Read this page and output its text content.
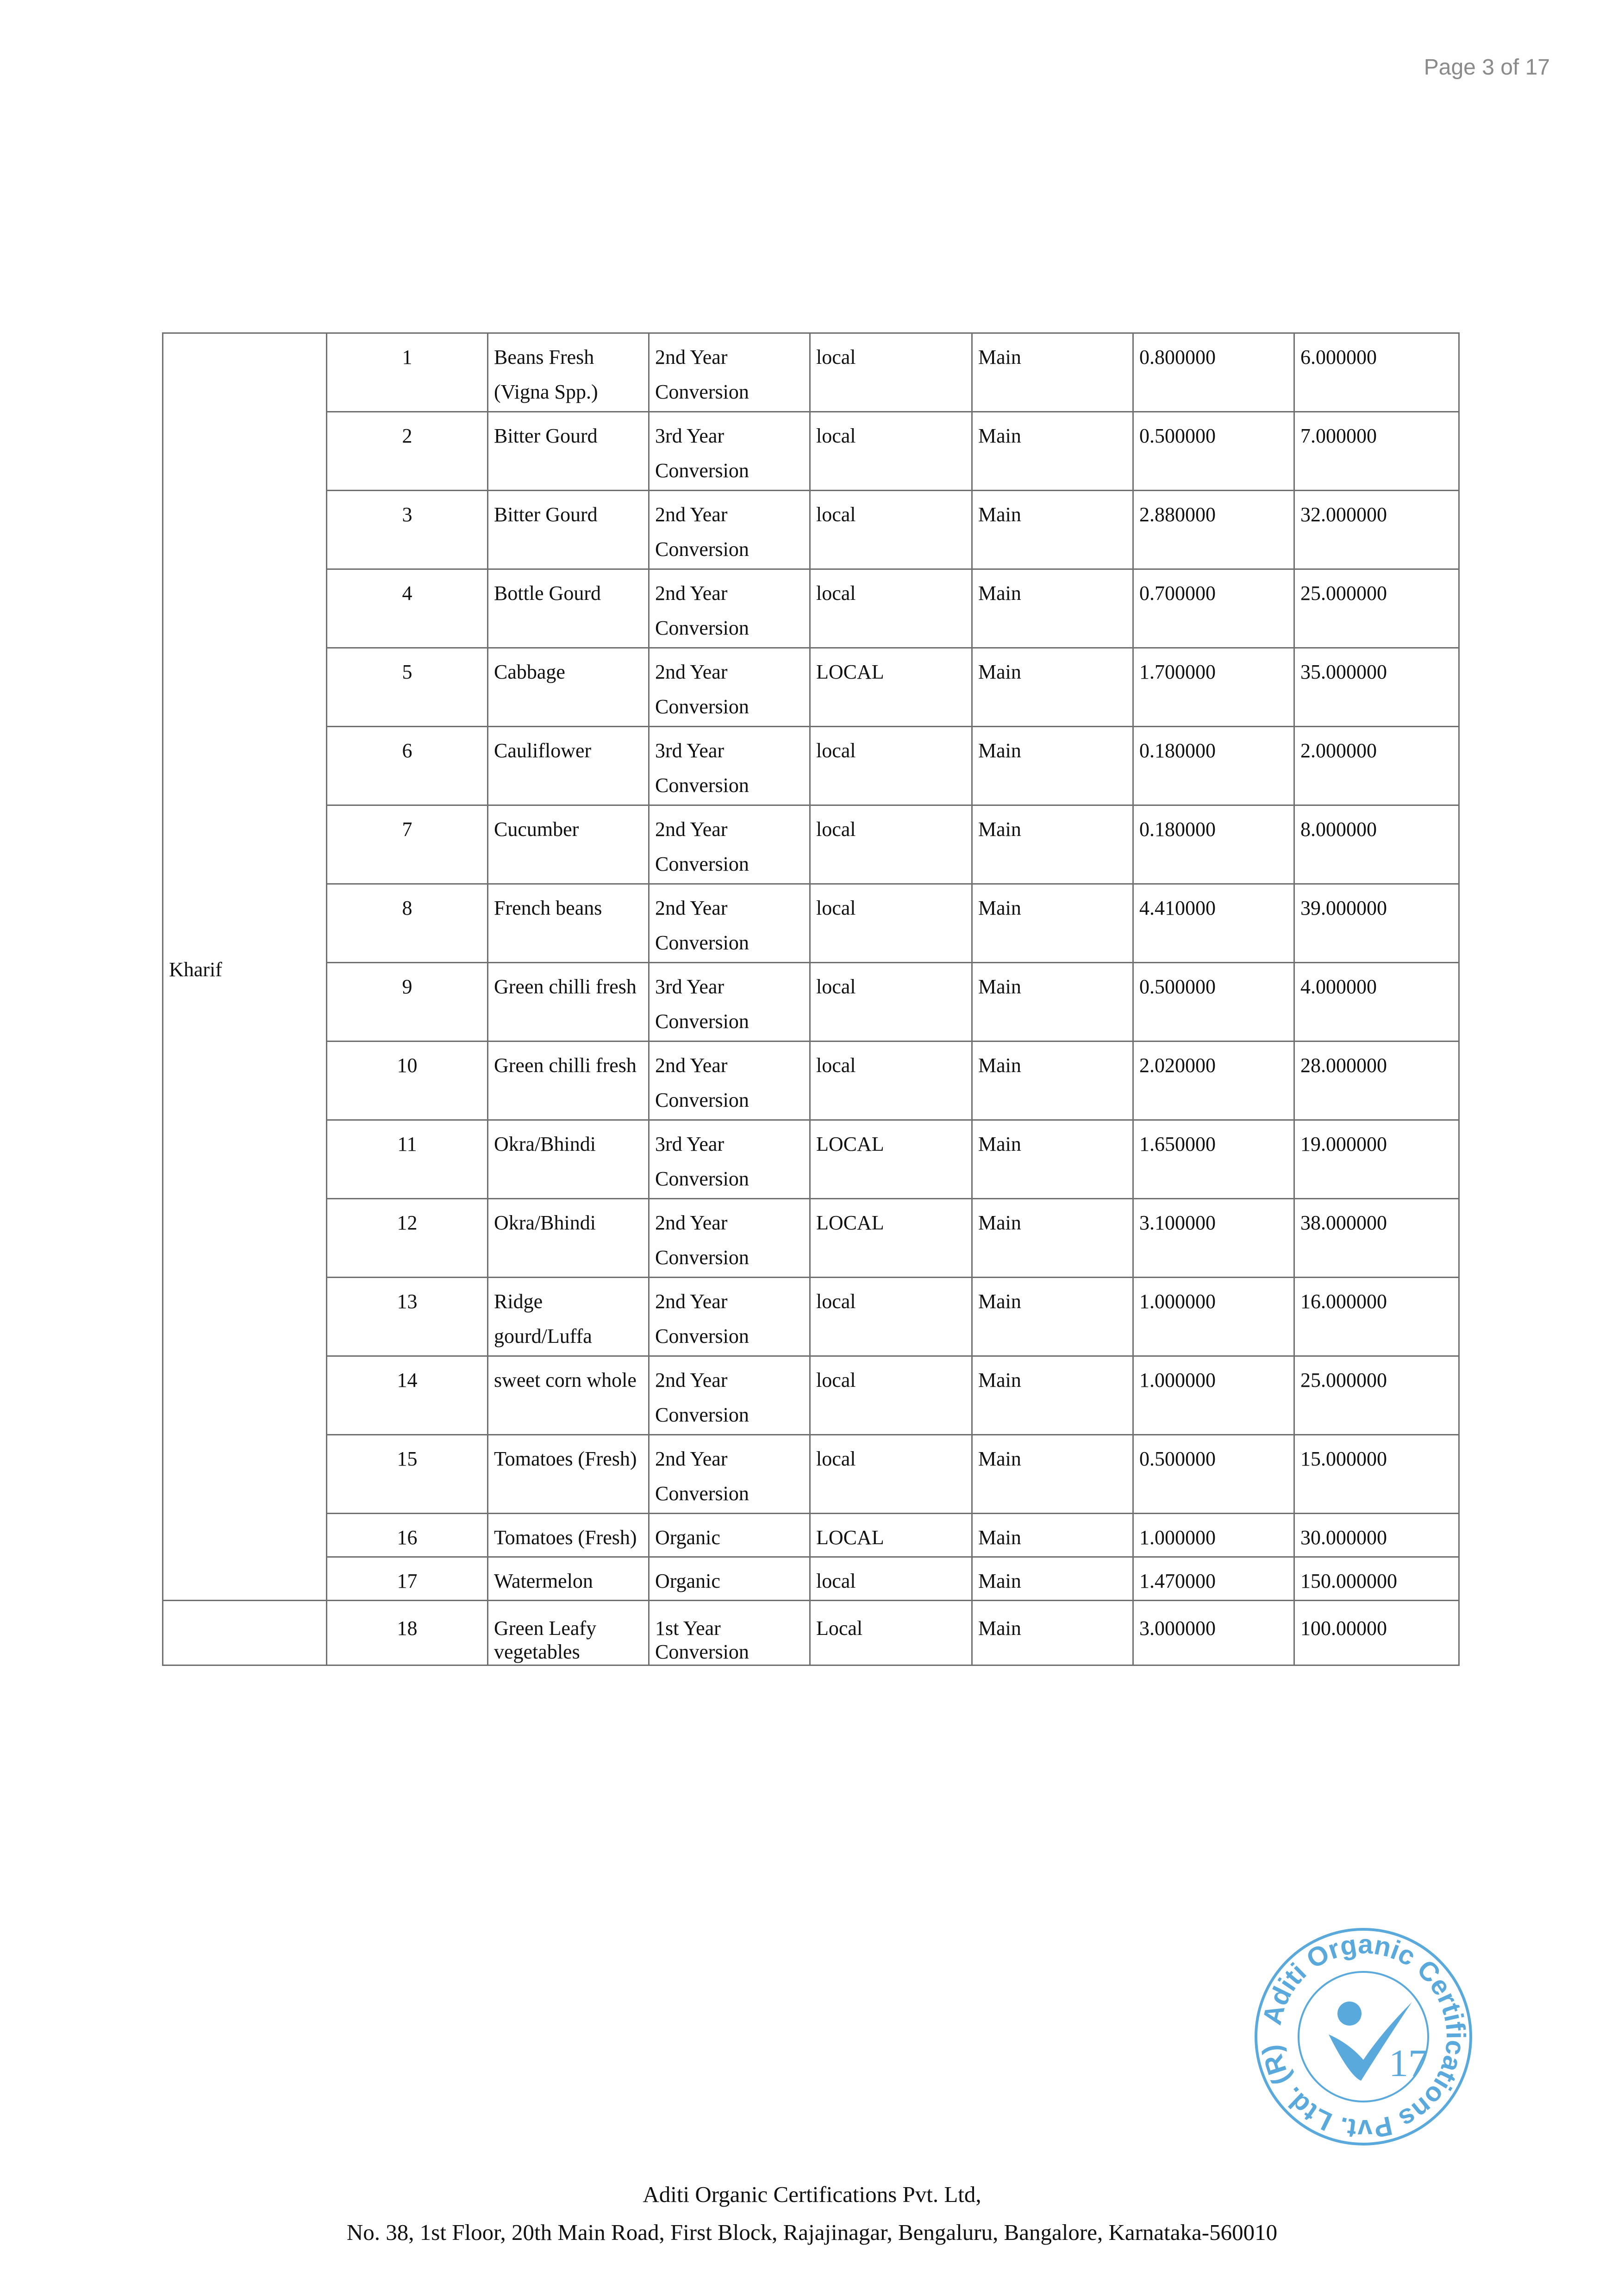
Page 3 of 17
Kharif	1	Beans Fresh (Vigna Spp.)	2nd Year Conversion	local	Main	0.800000	6.000000
	2	Bitter Gourd	3rd Year Conversion	local	Main	0.500000	7.000000
	3	Bitter Gourd	2nd Year Conversion	local	Main	2.880000	32.000000
	4	Bottle Gourd	2nd Year Conversion	local	Main	0.700000	25.000000
	5	Cabbage	2nd Year Conversion	LOCAL	Main	1.700000	35.000000
	6	Cauliflower	3rd Year Conversion	local	Main	0.180000	2.000000
	7	Cucumber	2nd Year Conversion	local	Main	0.180000	8.000000
	8	French beans	2nd Year Conversion	local	Main	4.410000	39.000000
	9	Green chilli fresh	3rd Year Conversion	local	Main	0.500000	4.000000
	10	Green chilli fresh	2nd Year Conversion	local	Main	2.020000	28.000000
	11	Okra/Bhindi	3rd Year Conversion	LOCAL	Main	1.650000	19.000000
	12	Okra/Bhindi	2nd Year Conversion	LOCAL	Main	3.100000	38.000000
	13	Ridge gourd/Luffa	2nd Year Conversion	local	Main	1.000000	16.000000
	14	sweet corn whole	2nd Year Conversion	local	Main	1.000000	25.000000
	15	Tomatoes (Fresh)	2nd Year Conversion	local	Main	0.500000	15.000000
	16	Tomatoes (Fresh)	Organic	LOCAL	Main	1.000000	30.000000
	17	Watermelon	Organic	local	Main	1.470000	150.000000
	18	Green Leafy vegetables	1st Year Conversion	Local	Main	3.000000	100.00000
Aditi Organic Certifications Pvt. Ltd. (R)	17
Aditi Organic Certifications Pvt. Ltd,
No. 38, 1st Floor, 20th Main Road, First Block, Rajajinagar, Bengaluru, Bangalore, Karnataka-560010
